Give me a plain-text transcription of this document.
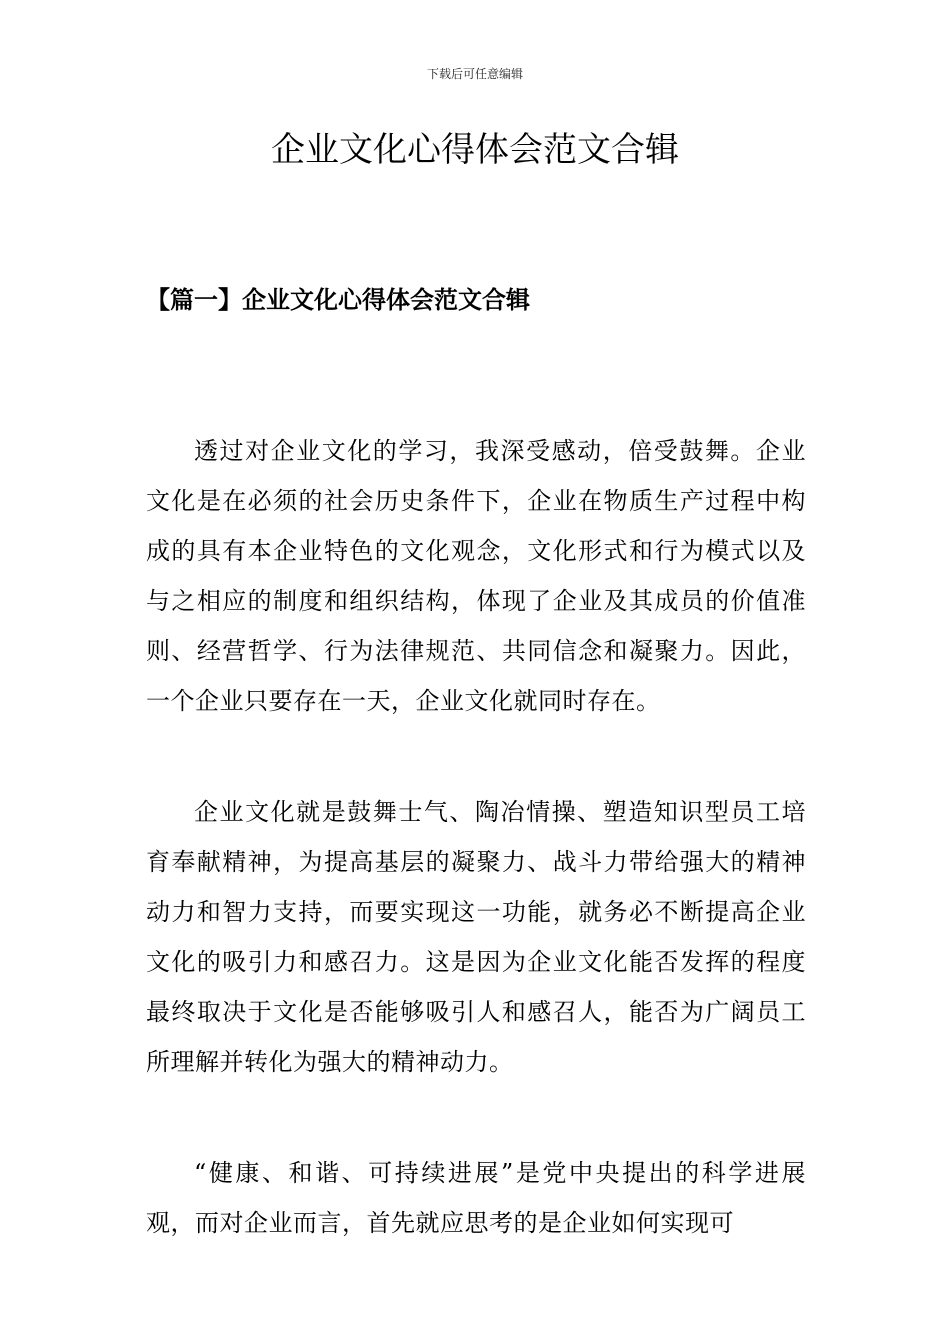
下载后可任意编辑
企业文化心得体会范文合辑
【篇一】企业文化心得体会范文合辑

透过对企业文化的学习，我深受感动，倍受鼓舞。企业文化是在必须的社会历史条件下，企业在物质生产过程中构成的具有本企业特色的文化观念，文化形式和行为模式以及与之相应的制度和组织结构，体现了企业及其成员的价值准则、经营哲学、行为法律规范、共同信念和凝聚力。因此，一个企业只要存在一天，企业文化就同时存在。

企业文化就是鼓舞士气、陶冶情操、塑造知识型员工培育奉献精神，为提高基层的凝聚力、战斗力带给强大的精神动力和智力支持，而要实现这一功能，就务必不断提高企业文化的吸引力和感召力。这是因为企业文化能否发挥的程度最终取决于文化是否能够吸引人和感召人，能否为广阔员工所理解并转化为强大的精神动力。

“健康、和谐、可持续进展”是党中央提出的科学进展观，而对企业而言，首先就应思考的是企业如何实现可
